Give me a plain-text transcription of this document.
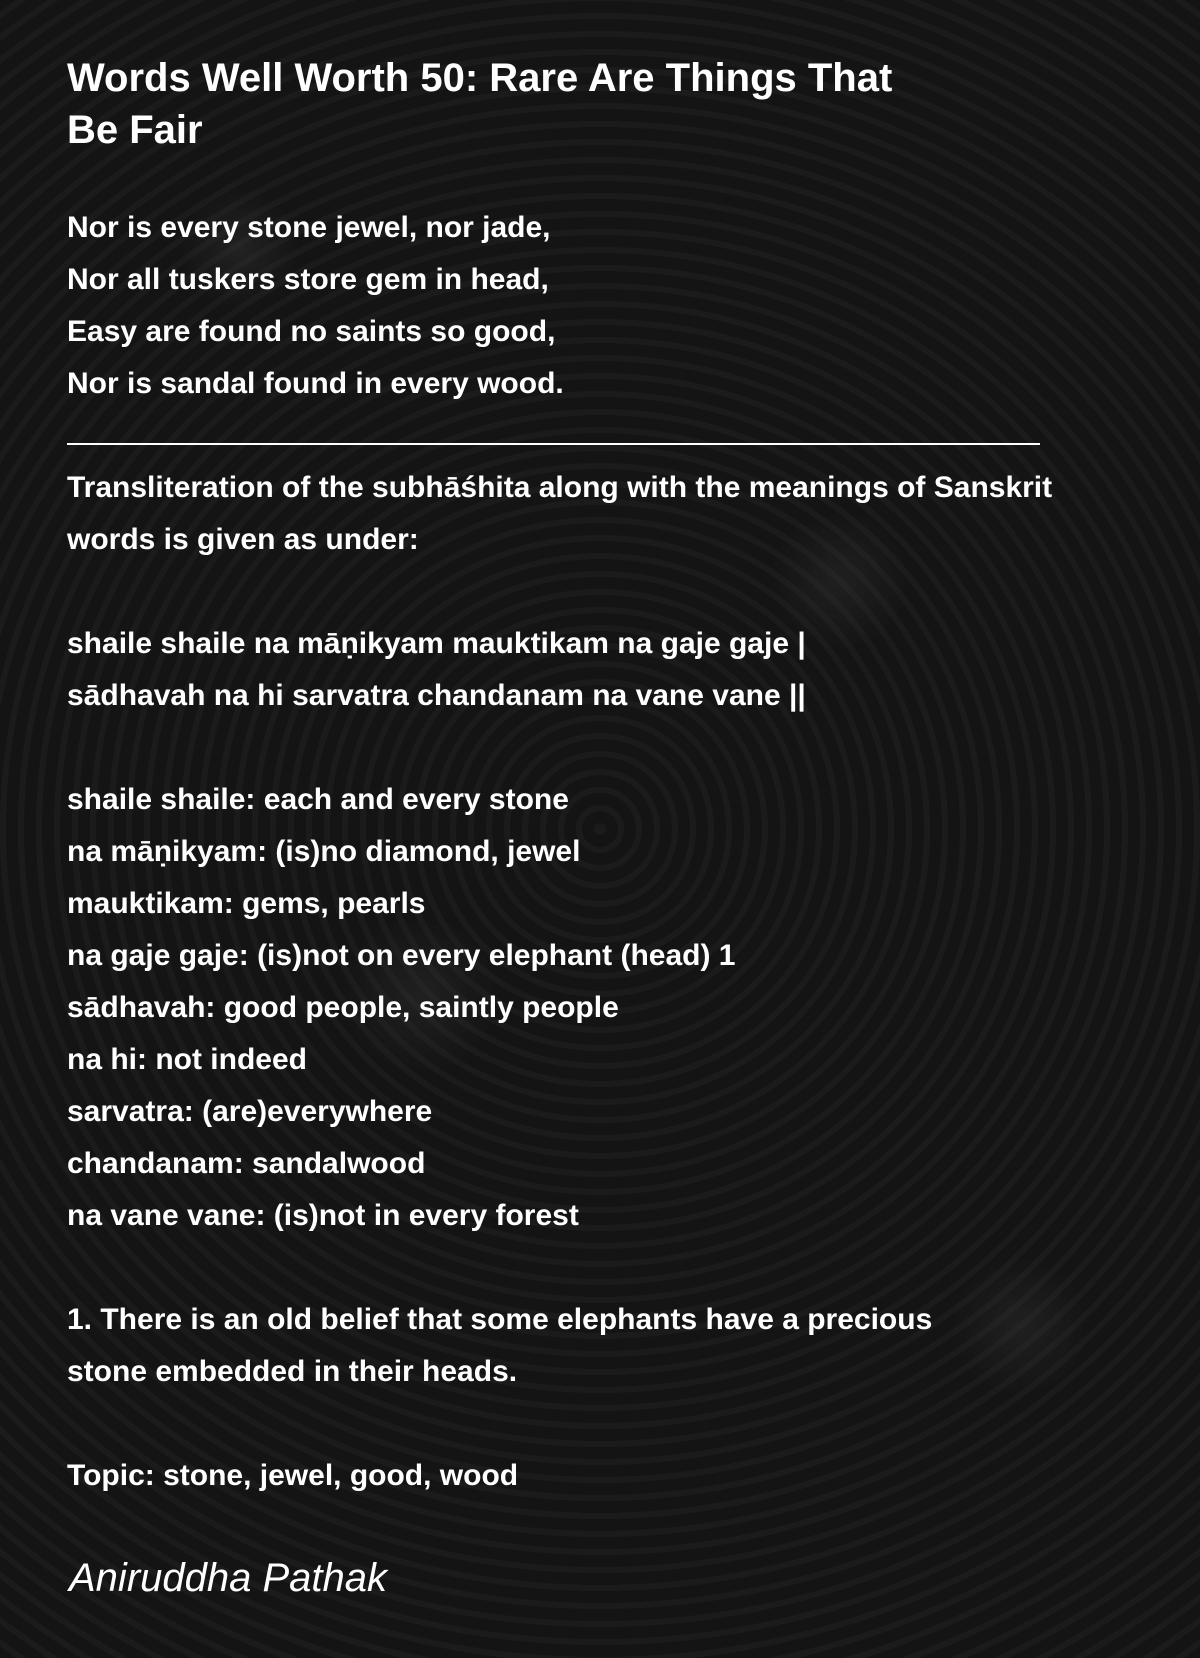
Words Well Worth 50: Rare Are Things That
Be Fair
Nor is every stone jewel, nor jade,
Nor all tuskers store gem in head,
Easy are found no saints so good,
Nor is sandal found in every wood.
Transliteration of the subhāśhita along with the meanings of Sanskrit
words is given as under:
shaile shaile na māṇikyam mauktikam na gaje gaje |
sādhavah na hi sarvatra chandanam na vane vane ||
shaile shaile: each and every stone
na māṇikyam: (is)no diamond, jewel
mauktikam: gems, pearls
na gaje gaje: (is)not on every elephant (head) 1
sādhavah: good people, saintly people
na hi: not indeed
sarvatra: (are)everywhere
chandanam: sandalwood
na vane vane: (is)not in every forest
1. There is an old belief that some elephants have a precious
stone embedded in their heads.
Topic: stone, jewel, good, wood
Aniruddha Pathak
